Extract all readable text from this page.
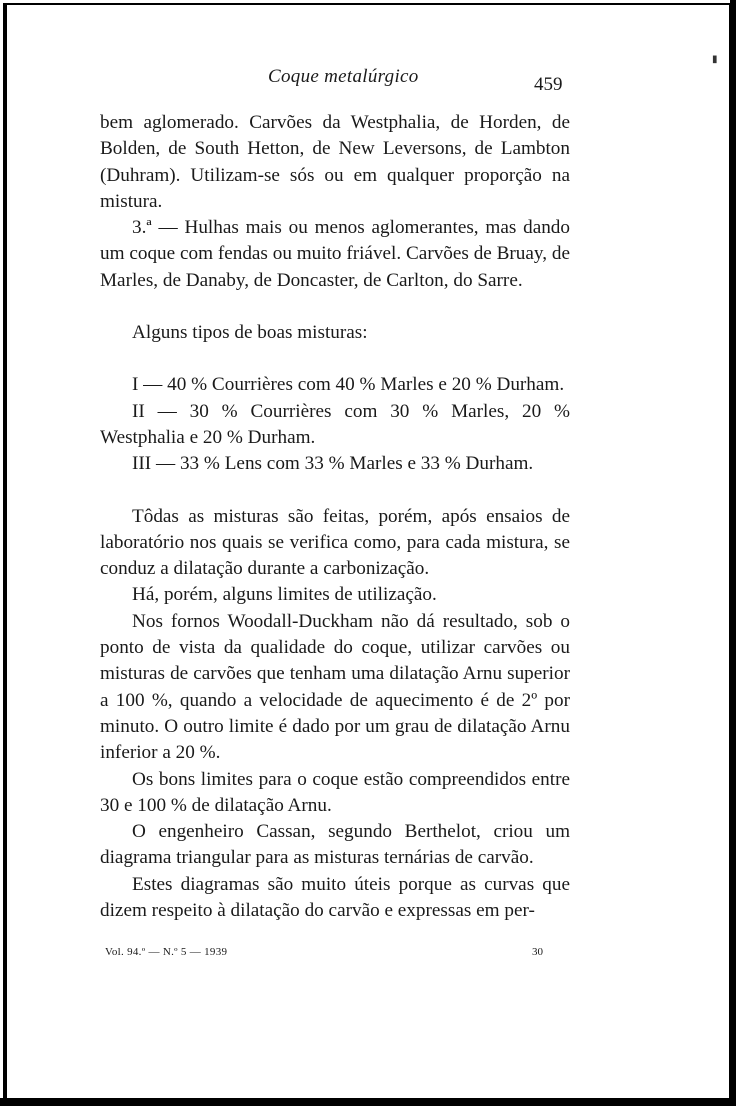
▮
Coque metalúrgico	459

bem aglomerado. Carvões da Westphalia, de Horden, de Bolden, de South Hetton, de New Leversons, de Lambton (Duhram). Utilizam-se sós ou em qualquer proporção na mistura.

3.ª — Hulhas mais ou menos aglomerantes, mas dando um coque com fendas ou muito friável. Carvões de Bruay, de Marles, de Danaby, de Doncaster, de Carlton, do Sarre.

Alguns tipos de boas misturas:

I — 40 % Courrières com 40 % Marles e 20 % Durham.

II — 30 % Courrières com 30 % Marles, 20 % Westphalia e 20 % Durham.

III — 33 % Lens com 33 % Marles e 33 % Durham.

Tôdas as misturas são feitas, porém, após ensaios de laboratório nos quais se verifica como, para cada mistura, se conduz a dilatação durante a carbonização.

Há, porém, alguns limites de utilização.

Nos fornos Woodall-Duckham não dá resultado, sob o ponto de vista da qualidade do coque, utilizar carvões ou misturas de carvões que tenham uma dilatação Arnu superior a 100 %, quando a velocidade de aquecimento é de 2º por minuto. O outro limite é dado por um grau de dilatação Arnu inferior a 20 %.

Os bons limites para o coque estão compreendidos entre 30 e 100 % de dilatação Arnu.

O engenheiro Cassan, segundo Berthelot, criou um diagrama triangular para as misturas ternárias de carvão.

Estes diagramas são muito úteis porque as curvas que dizem respeito à dilatação do carvão e expressas em per-

Vol. 94.º — N.º 5 — 1939	30
